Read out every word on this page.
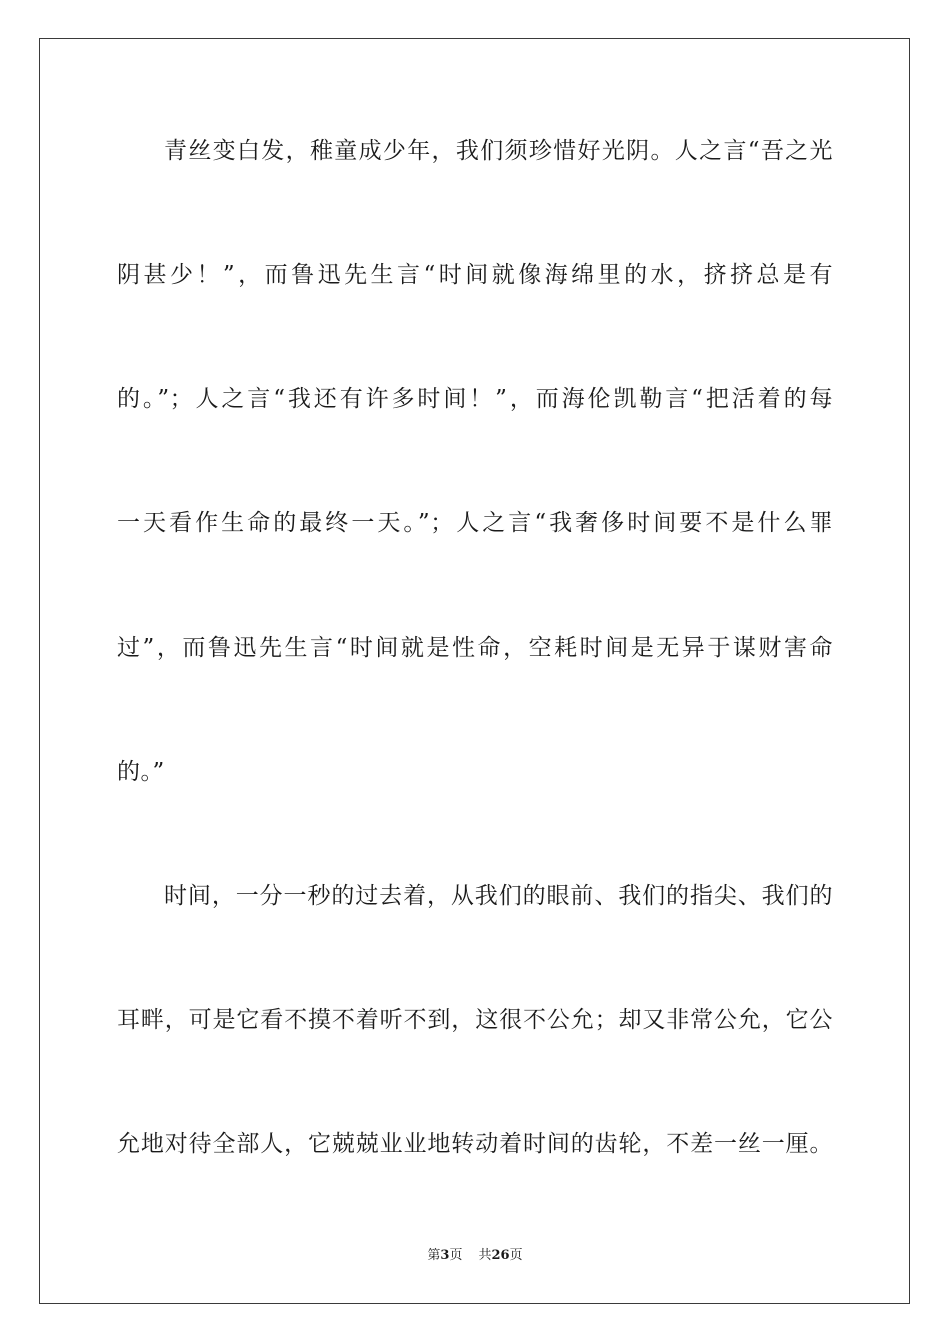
青丝变白发，稚童成少年，我们须珍惜好光阴。人之言“吾之光
阴甚少！”，而鲁迅先生言“时间就像海绵里的水，挤挤总是有
的。”；人之言“我还有许多时间！”，而海伦凯勒言“把活着的每
一天看作生命的最终一天。”；人之言“我奢侈时间要不是什么罪
过”，而鲁迅先生言“时间就是性命，空耗时间是无异于谋财害命
的。”
时间，一分一秒的过去着，从我们的眼前、我们的指尖、我们的
耳畔，可是它看不摸不着听不到，这很不公允；却又非常公允，它公
允地对待全部人，它兢兢业业地转动着时间的齿轮，不差一丝一厘。
第3页 共26页
